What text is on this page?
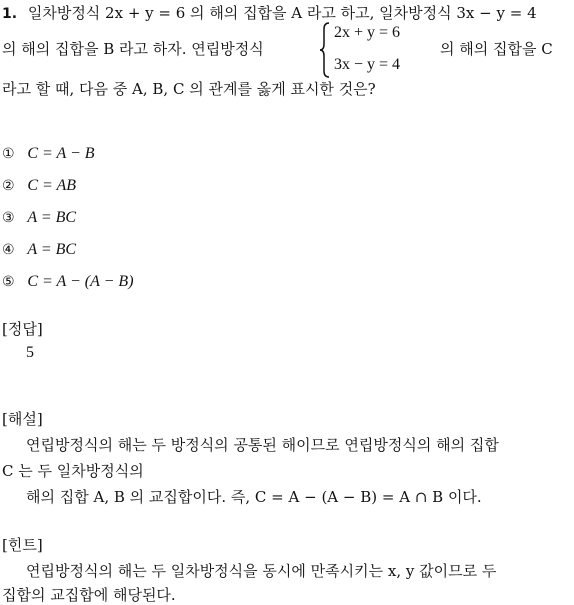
1. 일차방정식 2x + y = 6 의 해의 집합을 A 라고 하고, 일차방정식 3x − y = 4
의 해의 집합을 B 라고 하자. 연립방정식
2x + y = 6
3x − y = 4
의 해의 집합을 C
라고 할 때, 다음 중 A, B, C 의 관계를 옳게 표시한 것은?
① C = A − B
② C = AB
③ A = BC
④ A = BC
⑤ C = A − (A − B)
[정답]
5
[해설]
연립방정식의 해는 두 방정식의 공통된 해이므로 연립방정식의 해의 집합
C 는 두 일차방정식의
해의 집합 A, B 의 교집합이다. 즉, C = A − (A − B) = A ∩ B 이다.
[힌트]
연립방정식의 해는 두 일차방정식을 동시에 만족시키는 x, y 값이므로 두
집합의 교집합에 해당된다.
